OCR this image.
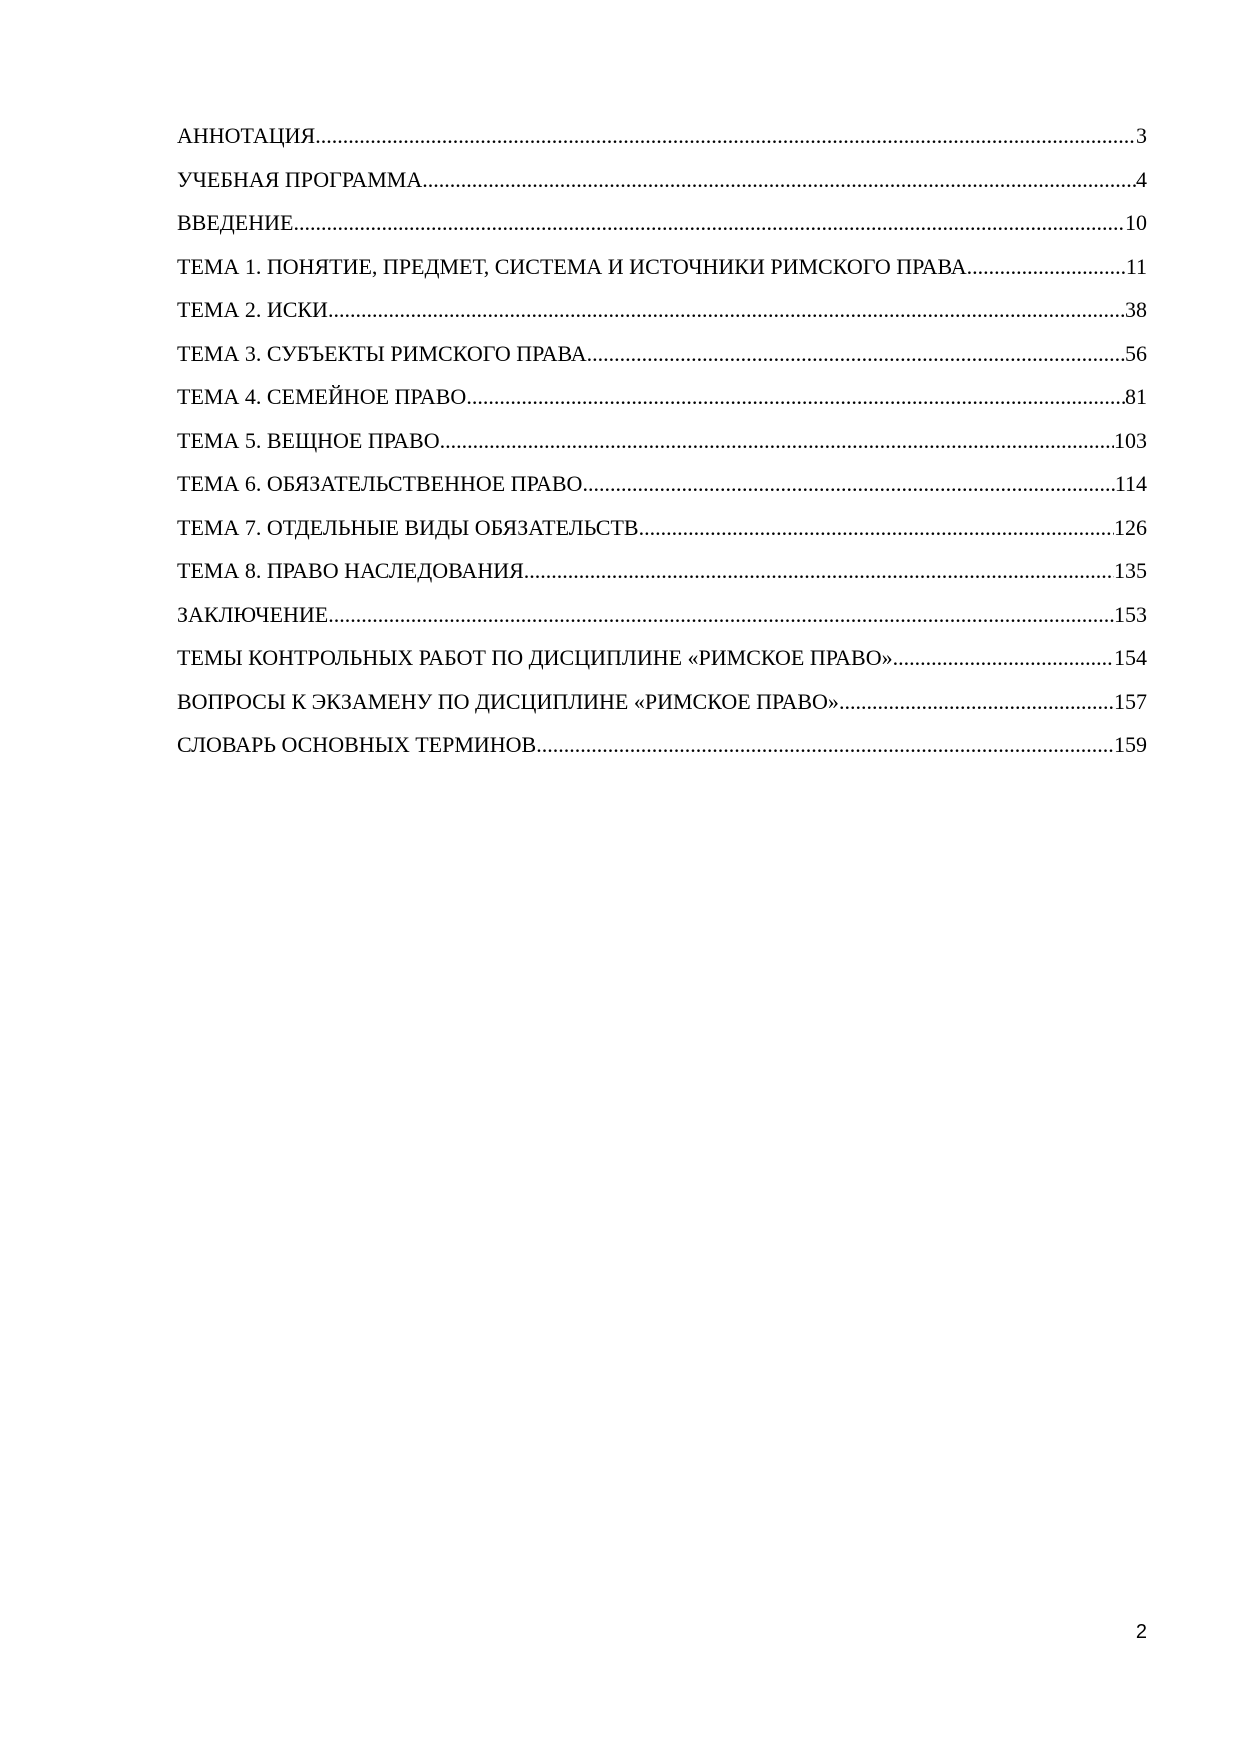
АННОТАЦИЯ .....	3
УЧЕБНАЯ ПРОГРАММА .....	4
ВВЕДЕНИЕ .....	10
ТЕМА 1. ПОНЯТИЕ, ПРЕДМЕТ, СИСТЕМА И ИСТОЧНИКИ РИМСКОГО ПРАВА .....	11
ТЕМА 2. ИСКИ .....	38
ТЕМА 3. СУБЪЕКТЫ РИМСКОГО ПРАВА .....	56
ТЕМА 4. СЕМЕЙНОЕ ПРАВО .....	81
ТЕМА 5. ВЕЩНОЕ ПРАВО .....	103
ТЕМА 6. ОБЯЗАТЕЛЬСТВЕННОЕ ПРАВО .....	114
ТЕМА 7. ОТДЕЛЬНЫЕ ВИДЫ ОБЯЗАТЕЛЬСТВ .....	126
ТЕМА 8. ПРАВО НАСЛЕДОВАНИЯ .....	135
ЗАКЛЮЧЕНИЕ .....	153
ТЕМЫ КОНТРОЛЬНЫХ РАБОТ ПО ДИСЦИПЛИНЕ «РИМСКОЕ ПРАВО» .....	154
ВОПРОСЫ К ЭКЗАМЕНУ ПО ДИСЦИПЛИНЕ «РИМСКОЕ ПРАВО» .....	157
СЛОВАРЬ ОСНОВНЫХ ТЕРМИНОВ .....	159
2
